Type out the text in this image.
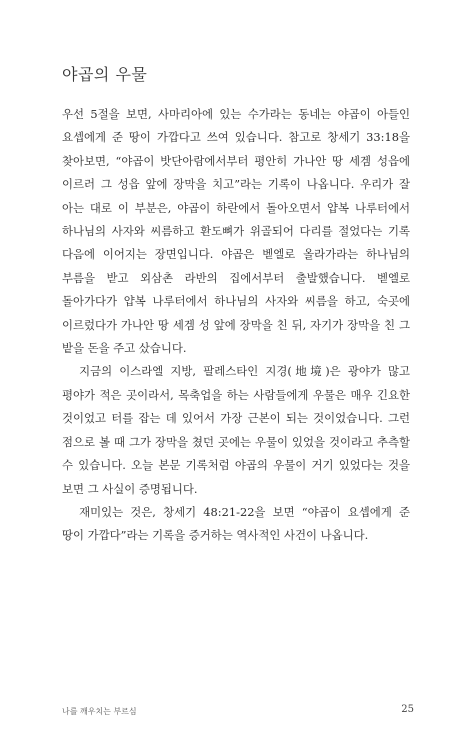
야곱의 우물

우선 5절을 보면, 사마리아에 있는 수가라는 동네는 야곱이 아들인 요셉에게 준 땅이 가깝다고 쓰여 있습니다. 참고로 창세기 33:18을 찾아보면, “야곱이 밧단아람에서부터 평안히 가나안 땅 세겜 성읍에 이르러 그 성읍 앞에 장막을 치고”라는 기록이 나옵니다. 우리가 잘 아는 대로 이 부분은, 야곱이 하란에서 돌아오면서 얍복 나루터에서 하나님의 사자와 씨름하고 환도뼈가 위골되어 다리를 절었다는 기록 다음에 이어지는 장면입니다. 야곱은 벧엘로 올라가라는 하나님의 부름을 받고 외삼촌 라반의 집에서부터 출발했습니다. 벧엘로 돌아가다가 얍복 나루터에서 하나님의 사자와 씨름을 하고, 숙곳에 이르렀다가 가나안 땅 세겜 성 앞에 장막을 친 뒤, 자기가 장막을 친 그 밭을 돈을 주고 샀습니다.

지금의 이스라엘 지방, 팔레스타인 지경(地境)은 광야가 많고 평야가 적은 곳이라서, 목축업을 하는 사람들에게 우물은 매우 긴요한 것이었고 터를 잡는 데 있어서 가장 근본이 되는 것이었습니다. 그런 점으로 볼 때 그가 장막을 쳤던 곳에는 우물이 있었을 것이라고 추측할 수 있습니다. 오늘 본문 기록처럼 야곱의 우물이 거기 있었다는 것을 보면 그 사실이 증명됩니다.

재미있는 것은, 창세기 48:21-22을 보면 “야곱이 요셉에게 준 땅이 가깝다”라는 기록을 증거하는 역사적인 사건이 나옵니다.

나를 깨우치는 부르심	25
